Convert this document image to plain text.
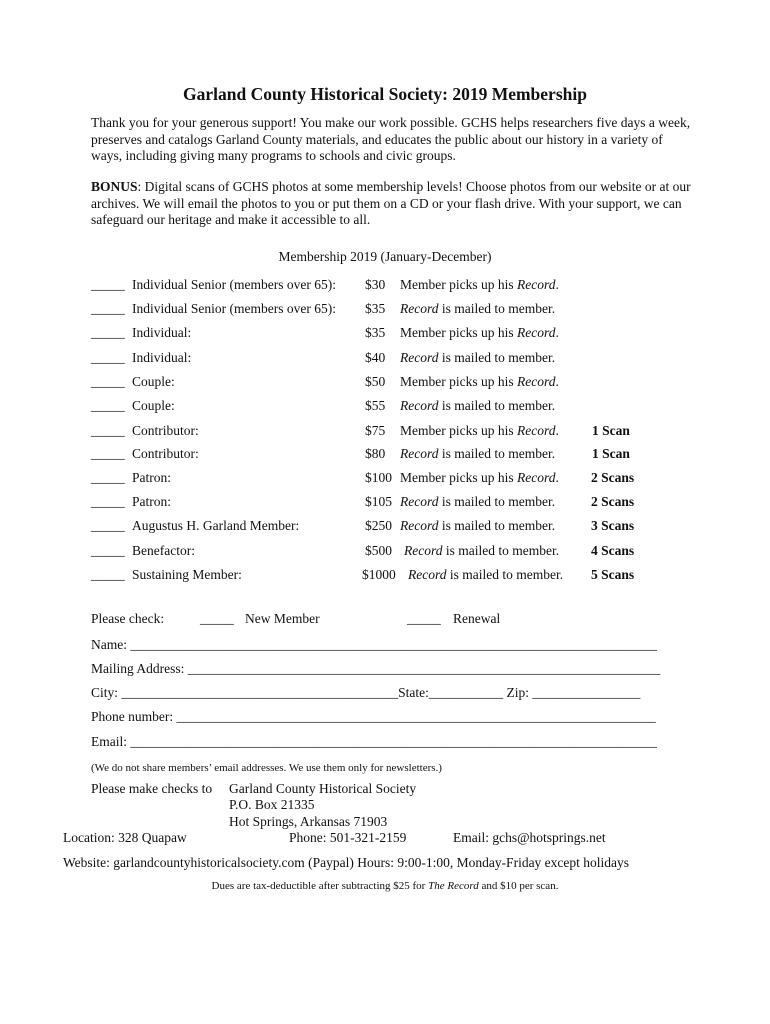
Garland County Historical Society: 2019 Membership
Thank you for your generous support! You make our work possible. GCHS helps researchers five days a week, preserves and catalogs Garland County materials, and educates the public about our history in a variety of ways, including giving many programs to schools and civic groups.
BONUS: Digital scans of GCHS photos at some membership levels! Choose photos from our website or at our archives. We will email the photos to you or put them on a CD or your flash drive. With your support, we can safeguard our heritage and make it accessible to all.
Membership 2019 (January-December)
_____ Individual Senior (members over 65): $30 Member picks up his Record.
_____ Individual Senior (members over 65): $35 Record is mailed to member.
_____ Individual:	$35 Member picks up his Record.
_____ Individual:	$40 Record is mailed to member.
_____ Couple:	$50 Member picks up his Record.
_____ Couple:	$55 Record is mailed to member.
_____ Contributor:	$75 Member picks up his Record. 1 Scan
_____ Contributor:	$80 Record is mailed to member.	1 Scan
_____ Patron:	$100 Member picks up his Record. 2 Scans
_____ Patron:	$105 Record is mailed to member.	2 Scans
_____ Augustus H. Garland Member:	$250 Record is mailed to member.	3 Scans
_____ Benefactor:	$500 Record is mailed to member. 4 Scans
_____ Sustaining Member:	$1000 Record is mailed to member. 5 Scans
Please check:	_____ New Member	_____ Renewal
Name: ______________________________________________________________________________
Mailing Address: ______________________________________________________________________
City: _________________________________________State:___________ Zip: ________________
Phone number: _______________________________________________________________________
Email: ______________________________________________________________________________
(We do not share members’ email addresses. We use them only for newsletters.)
Please make checks to Garland County Historical Society
P.O. Box 21335
Hot Springs, Arkansas 71903
Location: 328 Quapaw	Phone: 501-321-2159	Email: gchs@hotsprings.net
Website: garlandcountyhistoricalsociety.com (Paypal) Hours: 9:00-1:00, Monday-Friday except holidays
Dues are tax-deductible after subtracting $25 for The Record and $10 per scan.
